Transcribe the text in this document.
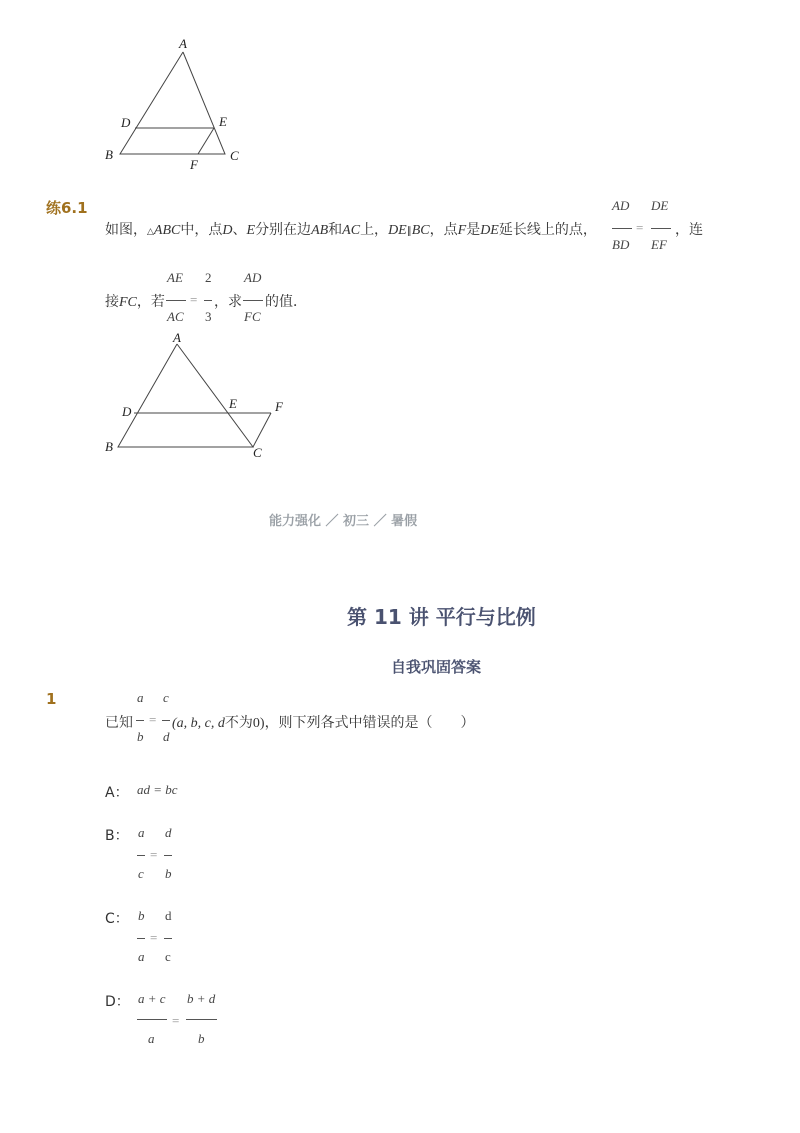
A
B	C
D	E
F
练6.1
如图，△ABC中，点D、E分别在边AB和AC上，DE∥BC，点F是DE延长线上的点，
AD
BD
=
DE
EF
，连
接FC，若
AE
AC
=
2
3
，求
AD
FC
的值．
A
B	C
D
E	F
能力强化 ／ 初三 ／ 暑假
第 11 讲 平行与比例
自我巩固答案
1
已知
a
b
=
c
d
(a, b, c, d不为0)，则下列各式中错误的是（　　）
A： ad = bc
B： a
c
=
d
b
C： b
a
=
d
c
D： a + c
a
=
b + d
b
